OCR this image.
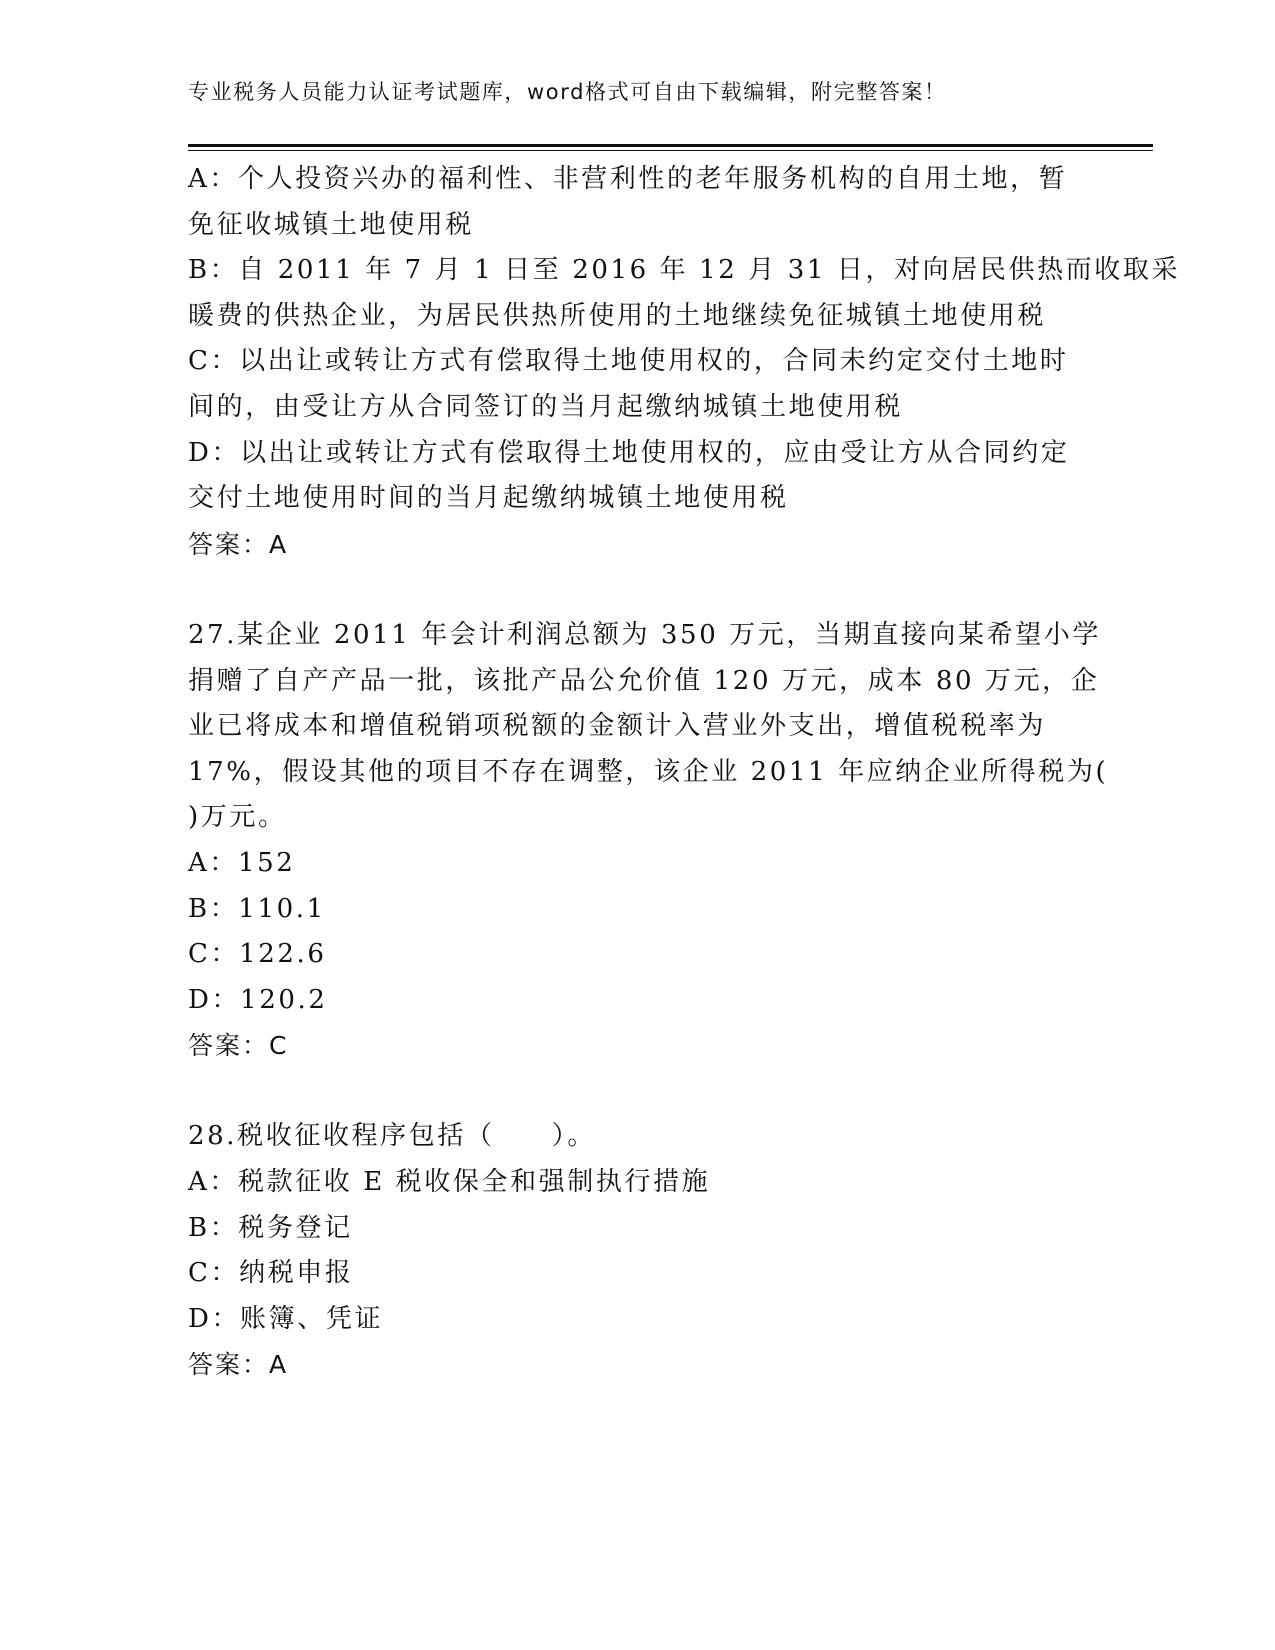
专业税务人员能力认证考试题库，word格式可自由下载编辑，附完整答案！
A：个人投资兴办的福利性、非营利性的老年服务机构的自用土地，暂
免征收城镇土地使用税
B：自 2011 年 7 月 1 日至 2016 年 12 月 31 日，对向居民供热而收取采
暖费的供热企业，为居民供热所使用的土地继续免征城镇土地使用税
C：以出让或转让方式有偿取得土地使用权的，合同未约定交付土地时
间的，由受让方从合同签订的当月起缴纳城镇土地使用税
D：以出让或转让方式有偿取得土地使用权的，应由受让方从合同约定
交付土地使用时间的当月起缴纳城镇土地使用税
答案：A
27.某企业 2011 年会计利润总额为 350 万元，当期直接向某希望小学
捐赠了自产产品一批，该批产品公允价值 120 万元，成本 80 万元，企
业已将成本和增值税销项税额的金额计入营业外支出，增值税税率为
17%，假设其他的项目不存在调整，该企业 2011 年应纳企业所得税为(
)万元。
A：152
B：110.1
C：122.6
D：120.2
答案：C
28.税收征收程序包括（　　）。
A：税款征收 E 税收保全和强制执行措施
B：税务登记
C：纳税申报
D：账簿、凭证
答案：A
